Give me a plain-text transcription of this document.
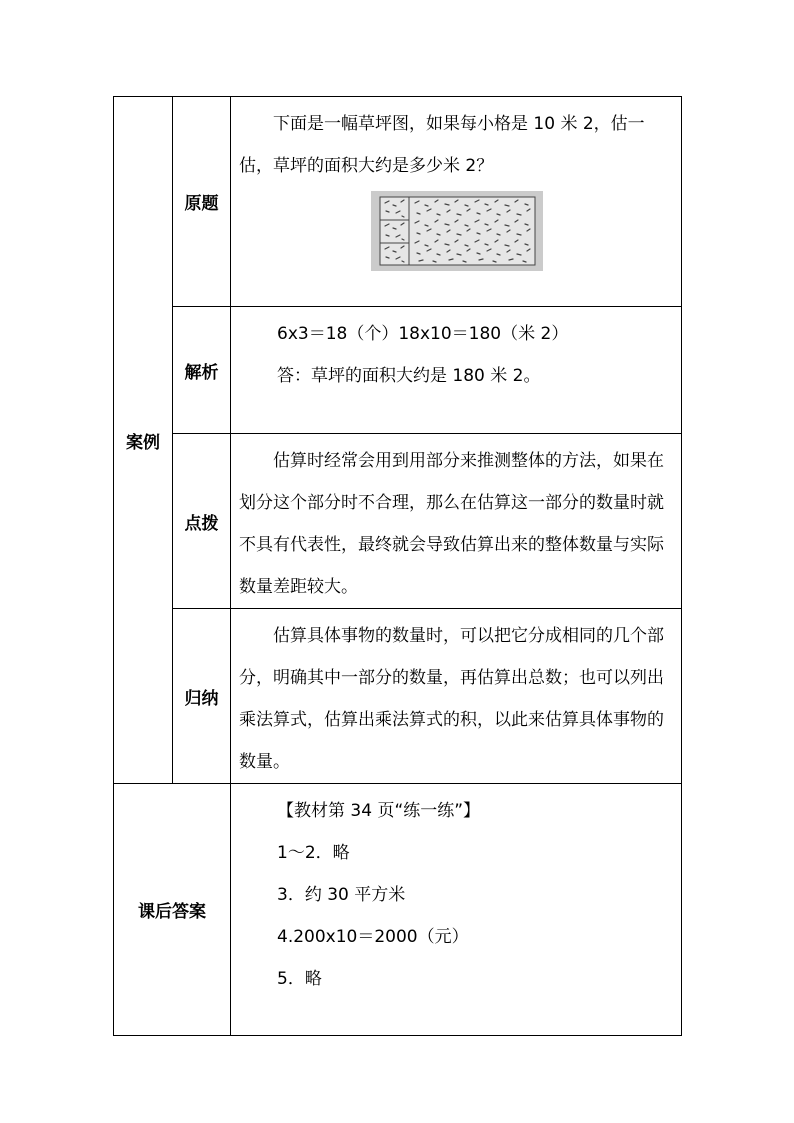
案例	原题	下面是一幅草坪图，如果每小格是 10 米 2，估一估，草坪的面积大约是多少米 2？

	解析	6x3＝18（个）18x10＝180（米 2）

答：草坪的面积大约是 180 米 2。

	点拨	估算时经常会用到用部分来推测整体的方法，如果在划分这个部分时不合理，那么在估算这一部分的数量时就不具有代表性，最终就会导致估算出来的整体数量与实际数量差距较大。

	归纳	估算具体事物的数量时，可以把它分成相同的几个部分，明确其中一部分的数量，再估算出总数；也可以列出乘法算式，估算出乘法算式的积，以此来估算具体事物的数量。

课后答案		【教材第 34 页“练一练”】

1～2．略

3．约 30 平方米

4.200x10＝2000（元）

5．略
